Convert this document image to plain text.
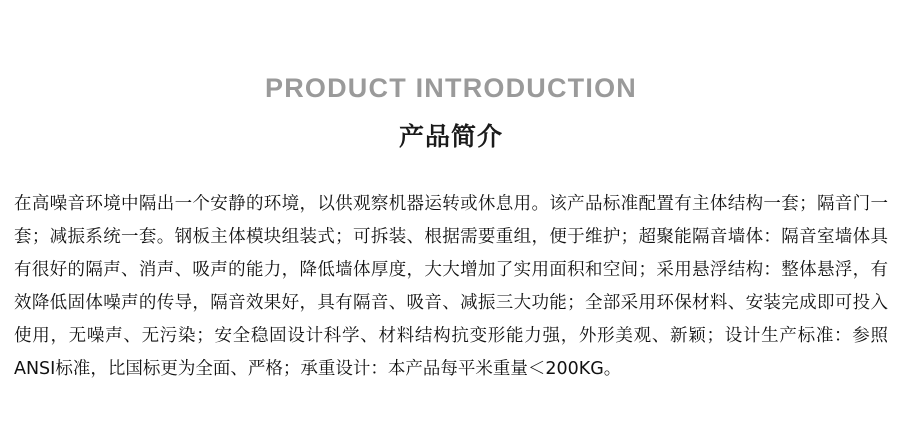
PRODUCT INTRODUCTION
产品简介

在高噪音环境中隔出一个安静的环境，以供观察机器运转或休息用。该产品标准配置有主体结构一套；隔音门一套；减振系统一套。钢板主体模块组装式；可拆装、根据需要重组，便于维护；超聚能隔音墙体：隔音室墙体具有很好的隔声、消声、吸声的能力，降低墙体厚度，大大增加了实用面积和空间；采用悬浮结构：整体悬浮，有效降低固体噪声的传导，隔音效果好，具有隔音、吸音、减振三大功能；全部采用环保材料、安装完成即可投入使用，无噪声、无污染；安全稳固设计科学、材料结构抗变形能力强，外形美观、新颖；设计生产标准：参照ANSI标准，比国标更为全面、严格；承重设计：本产品每平米重量＜200KG。
